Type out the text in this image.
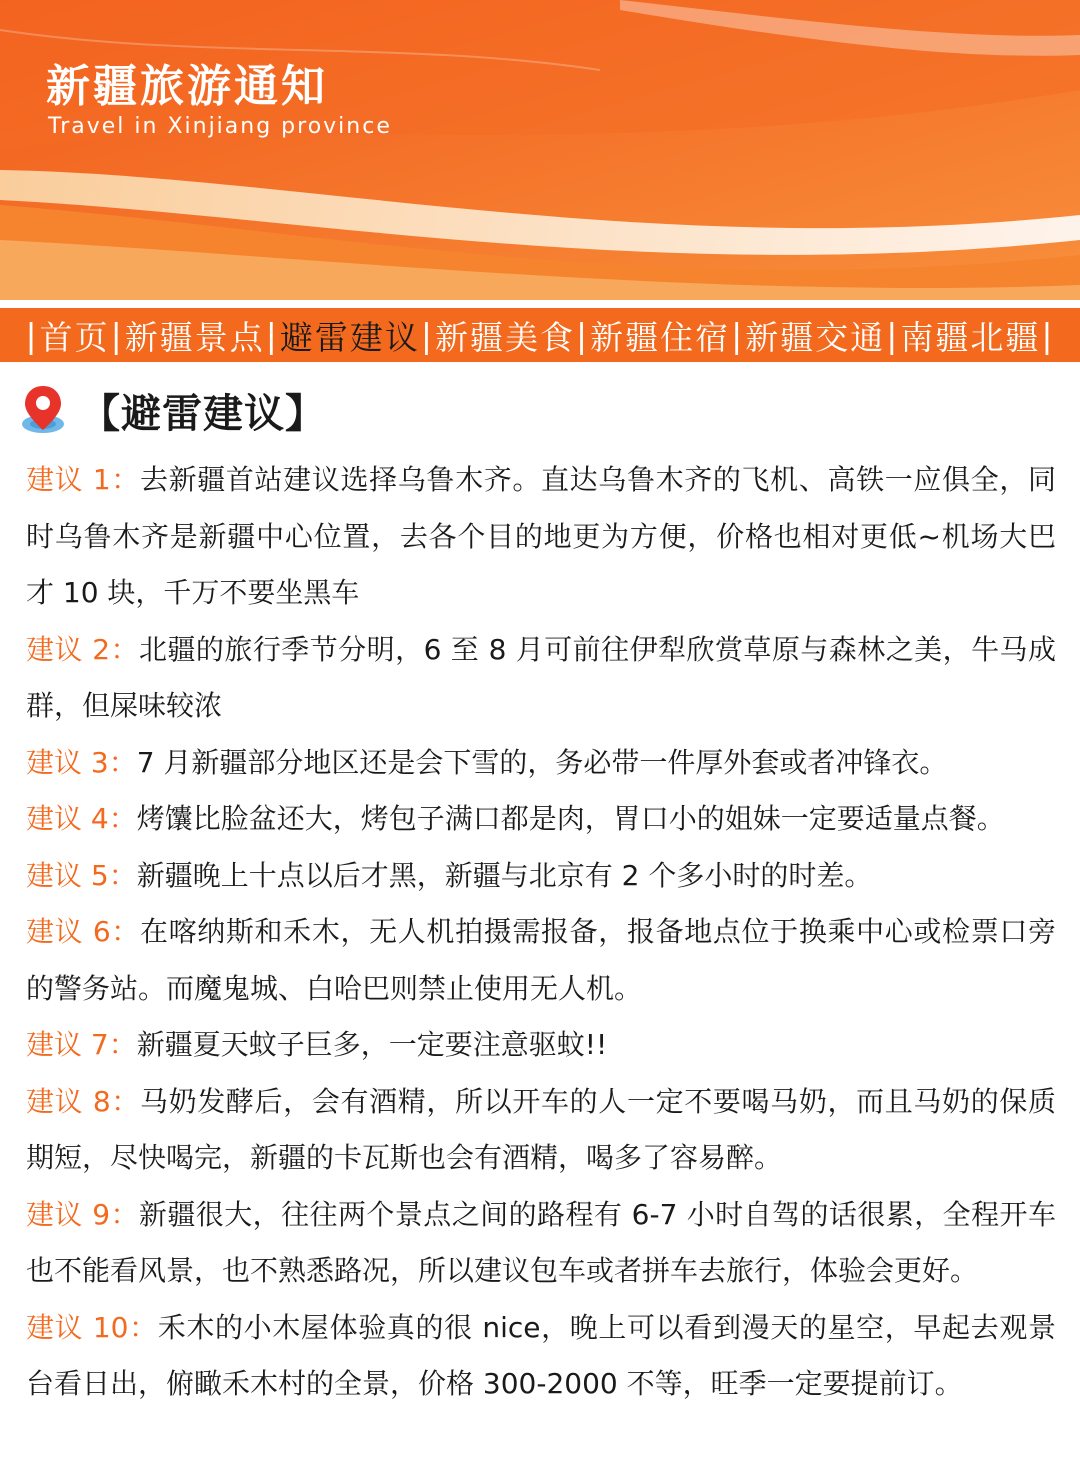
新疆旅游通知
Travel in Xinjiang province
| 首页 | 新疆景点 | 避雷建议 | 新疆美食 | 新疆住宿 | 新疆交通 | 南疆北疆 |
【避雷建议】

建议 1：去新疆首站建议选择乌鲁木齐。直达乌鲁木齐的飞机、高铁一应俱全，同时乌鲁木齐是新疆中心位置，去各个目的地更为方便，价格也相对更低~机场大巴才 10 块，千万不要坐黑车

建议 2：北疆的旅行季节分明，6 至 8 月可前往伊犁欣赏草原与森林之美，牛马成群，但屎味较浓

建议 3：7 月新疆部分地区还是会下雪的，务必带一件厚外套或者冲锋衣。

建议 4：烤馕比脸盆还大，烤包子满口都是肉，胃口小的姐妹一定要适量点餐。

建议 5：新疆晚上十点以后才黑，新疆与北京有 2 个多小时的时差。

建议 6：在喀纳斯和禾木，无人机拍摄需报备，报备地点位于换乘中心或检票口旁的警务站。而魔鬼城、白哈巴则禁止使用无人机。

建议 7：新疆夏天蚊子巨多，一定要注意驱蚊!!

建议 8：马奶发酵后，会有酒精，所以开车的人一定不要喝马奶，而且马奶的保质期短，尽快喝完，新疆的卡瓦斯也会有酒精，喝多了容易醉。

建议 9：新疆很大，往往两个景点之间的路程有 6-7 小时自驾的话很累，全程开车也不能看风景，也不熟悉路况，所以建议包车或者拼车去旅行，体验会更好。

建议 10：禾木的小木屋体验真的很 nice，晚上可以看到漫天的星空，早起去观景台看日出，俯瞰禾木村的全景，价格 300-2000 不等，旺季一定要提前订。
